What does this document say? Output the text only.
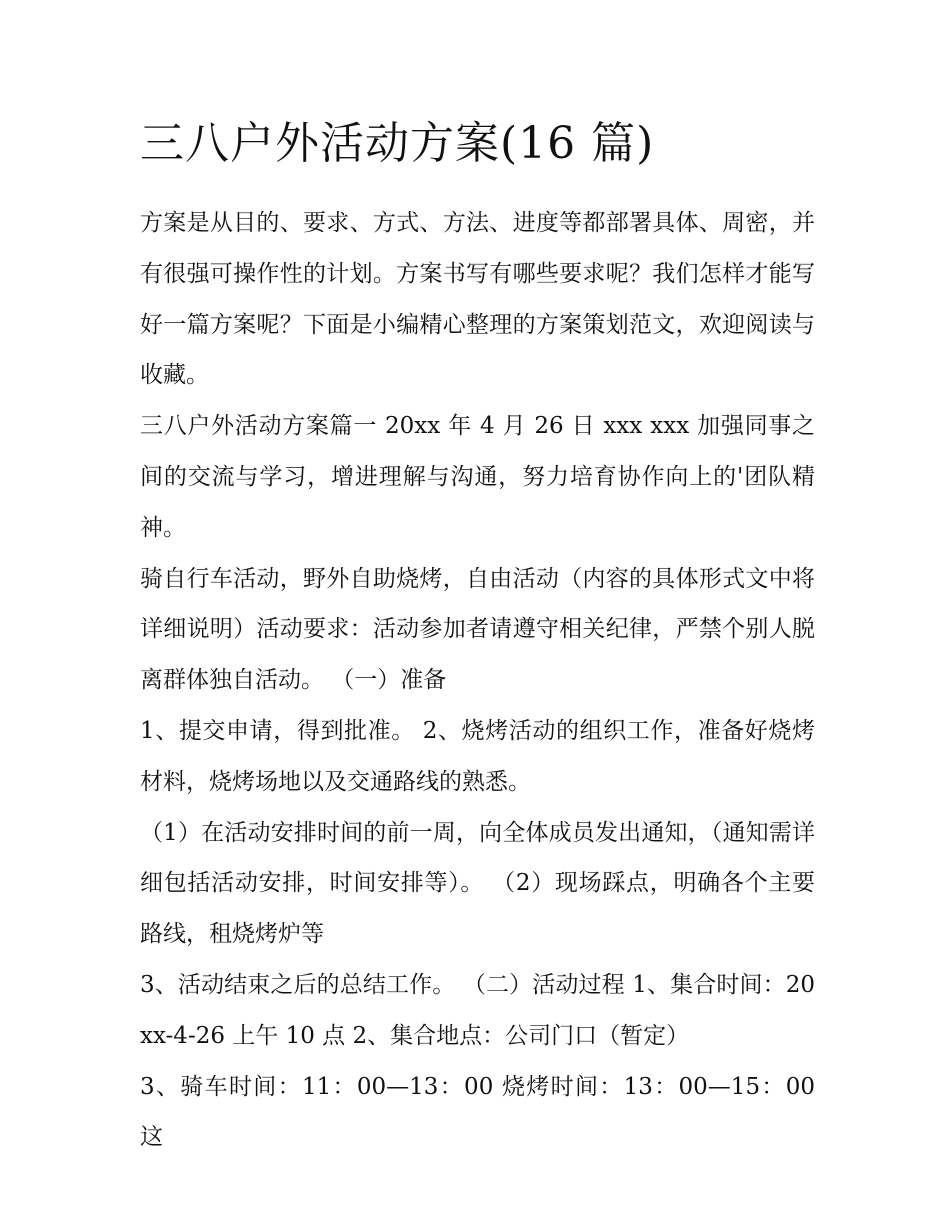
三八户外活动方案(16 篇)

方案是从目的、要求、方式、方法、进度等都部署具体、周密，并有很强可操作性的计划。方案书写有哪些要求呢？我们怎样才能写好一篇方案呢？下面是小编精心整理的方案策划范文，欢迎阅读与收藏。

三八户外活动方案篇一 20xx 年 4 月 26 日 xxx xxx 加强同事之间的交流与学习，增进理解与沟通，努力培育协作向上的'团队精神。

骑自行车活动，野外自助烧烤，自由活动（内容的具体形式文中将详细说明）活动要求：活动参加者请遵守相关纪律，严禁个别人脱离群体独自活动。 （一）准备

1、提交申请，得到批准。 2、烧烤活动的组织工作，准备好烧烤材料，烧烤场地以及交通路线的熟悉。

（1）在活动安排时间的前一周，向全体成员发出通知，（通知需详细包括活动安排，时间安排等）。 （2）现场踩点，明确各个主要路线，租烧烤炉等

3、活动结束之后的总结工作。 （二）活动过程 1、集合时间：20xx-4-26 上午 10 点 2、集合地点：公司门口（暂定）

3、骑车时间：11：00—13：00 烧烤时间：13：00—15：00 这
